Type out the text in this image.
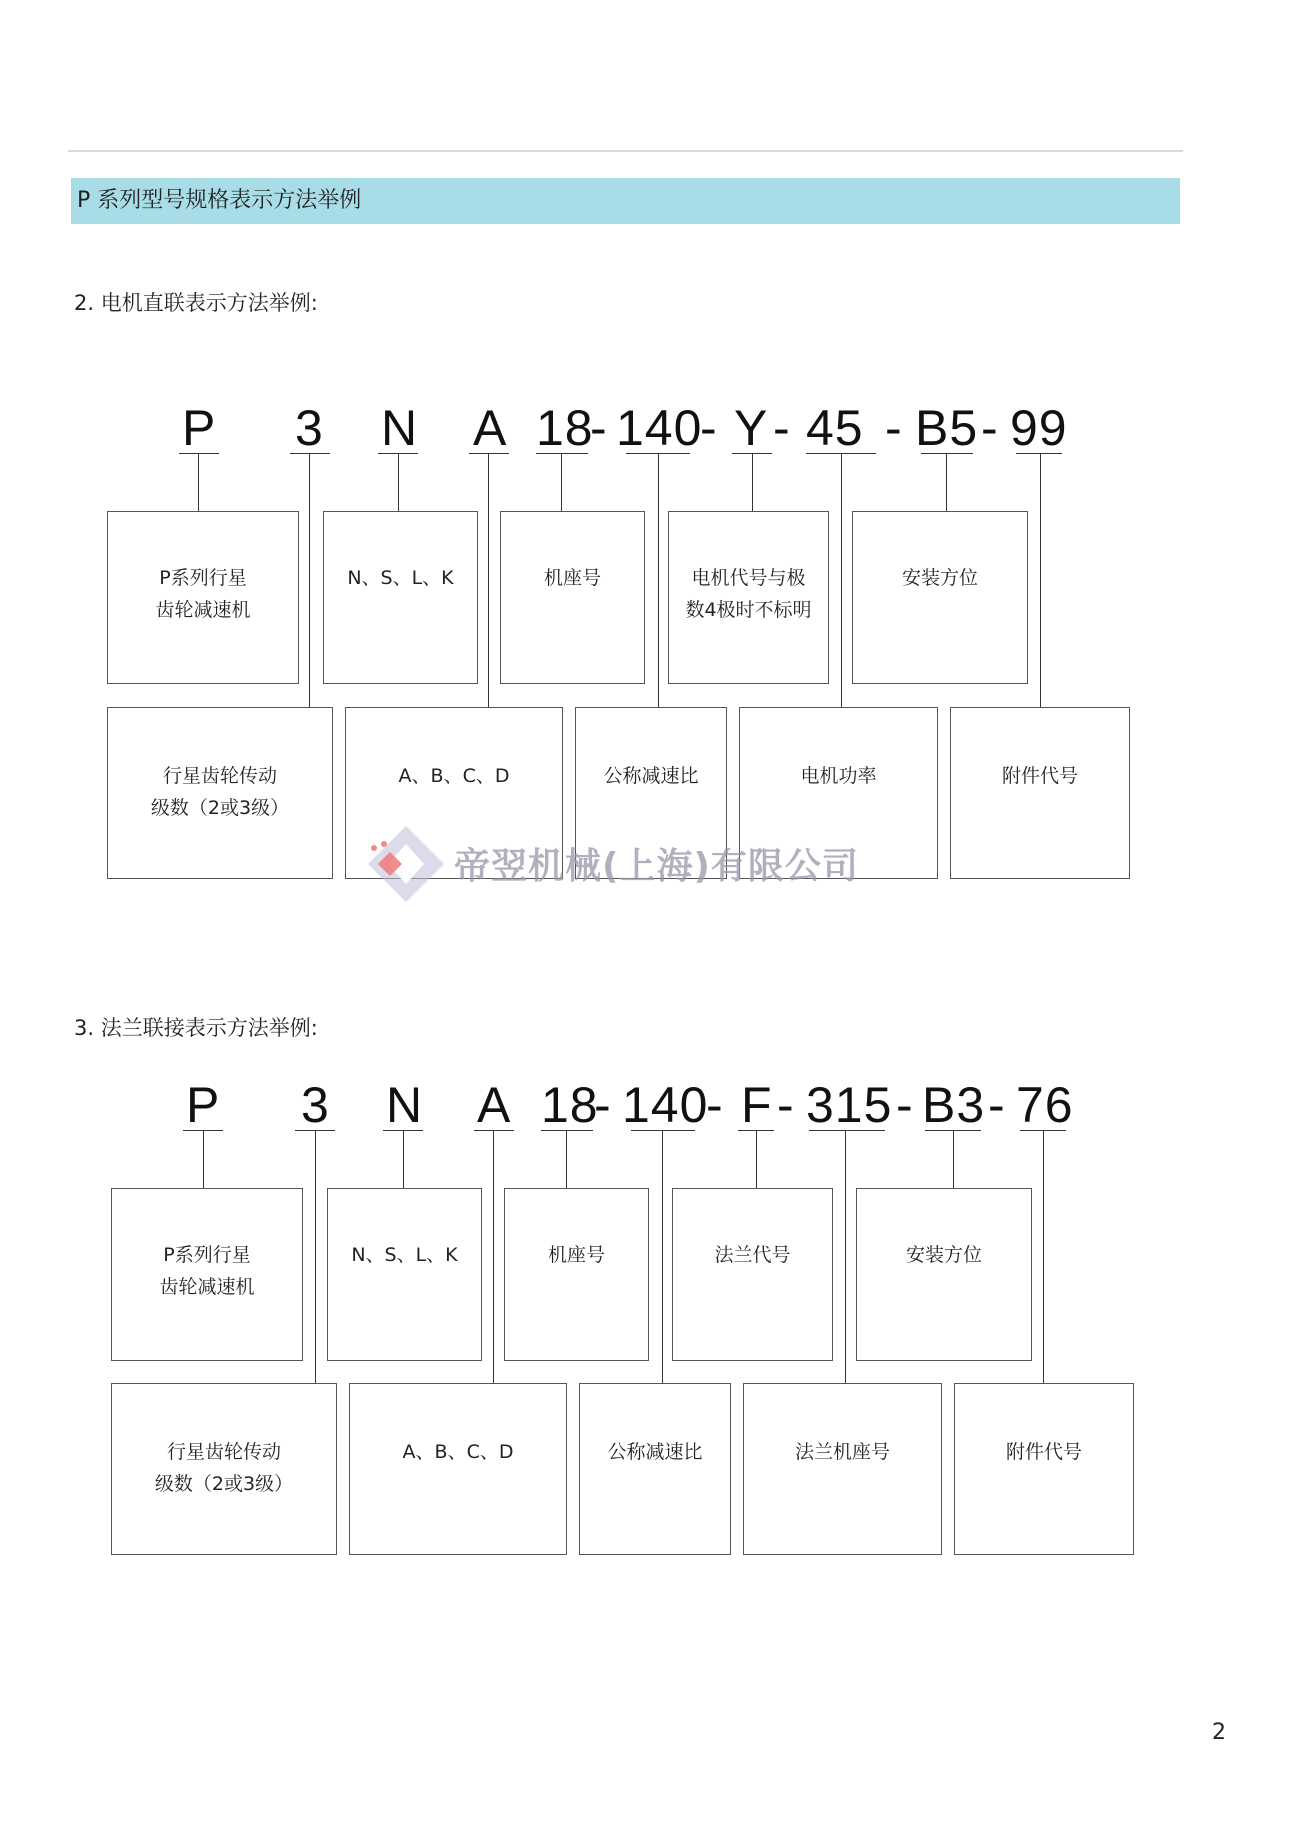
P 系列型号规格表示方法举例
2. 电机直联表示方法举例:
P 3 N A 18
- 140
- Y - 45 - B5 - 99
P系列行星
齿轮减速机
N、S、L、K	机座号	电机代号与极
数4极时不标明
安装方位
行星齿轮传动
级数（2或3级）
A、B、C、D	公称减速比	电机功率	附件代号
帝翌机械(上海)有限公司
3. 法兰联接表示方法举例:
P 3 N A 18
- 140
- F - 315 - B3 - 76
P系列行星
齿轮减速机
N、S、L、K	机座号	法兰代号	安装方位
行星齿轮传动
级数（2或3级）
A、B、C、D	公称减速比	法兰机座号	附件代号
2
